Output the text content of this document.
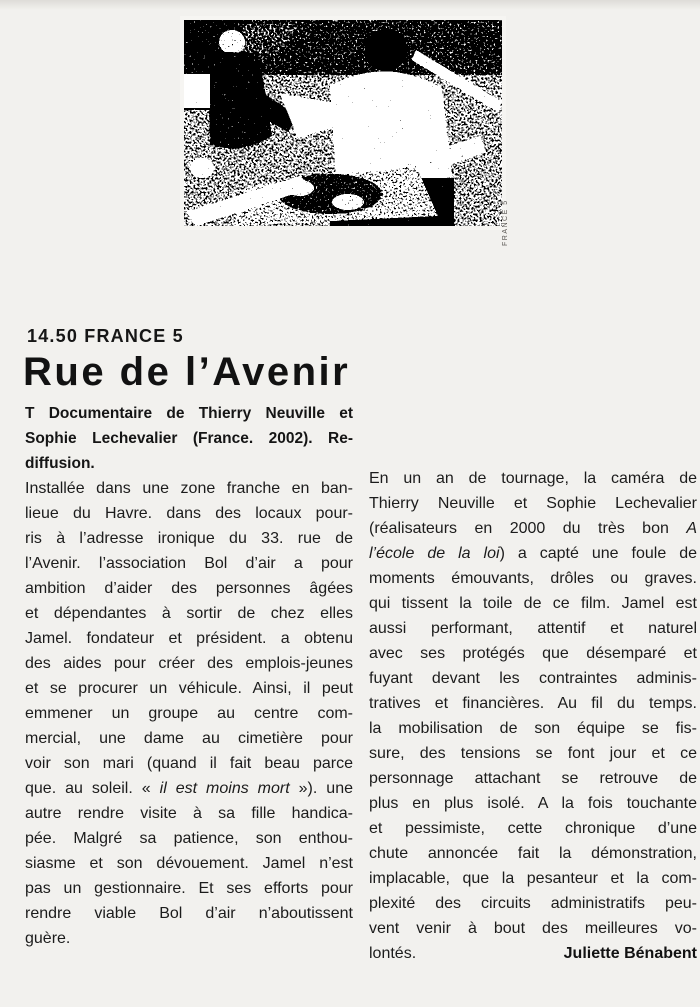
FRANCE 5
14.50 FRANCE 5
Rue de l’Avenir
T Documentaire de Thierry Neuville et
Sophie Lechevalier (France. 2002). Re-
diffusion.
Installée dans une zone franche en ban-
lieue du Havre. dans des locaux pour-
ris à l’adresse ironique du 33. rue de
l’Avenir. l’association Bol d’air a pour
ambition d’aider des personnes âgées
et dépendantes à sortir de chez elles
Jamel. fondateur et président. a obtenu
des aides pour créer des emplois-jeunes
et se procurer un véhicule. Ainsi, il peut
emmener un groupe au centre com-
mercial, une dame au cimetière pour
voir son mari (quand il fait beau parce
que. au soleil. « il est moins mort »). une
autre rendre visite à sa fille handica-
pée. Malgré sa patience, son enthou-
siasme et son dévouement. Jamel n’est
pas un gestionnaire. Et ses efforts pour
rendre viable Bol d’air n’aboutissent
guère.
En un an de tournage, la caméra de
Thierry Neuville et Sophie Lechevalier
(réalisateurs en 2000 du très bon A
l’école de la loi) a capté une foule de
moments émouvants, drôles ou graves.
qui tissent la toile de ce film. Jamel est
aussi performant, attentif et naturel
avec ses protégés que désemparé et
fuyant devant les contraintes adminis-
tratives et financières. Au fil du temps.
la mobilisation de son équipe se fis-
sure, des tensions se font jour et ce
personnage attachant se retrouve de
plus en plus isolé. A la fois touchante
et pessimiste, cette chronique d’une
chute annoncée fait la démonstration,
implacable, que la pesanteur et la com-
plexité des circuits administratifs peu-
vent venir à bout des meilleures vo-
lontés.	Juliette Bénabent
